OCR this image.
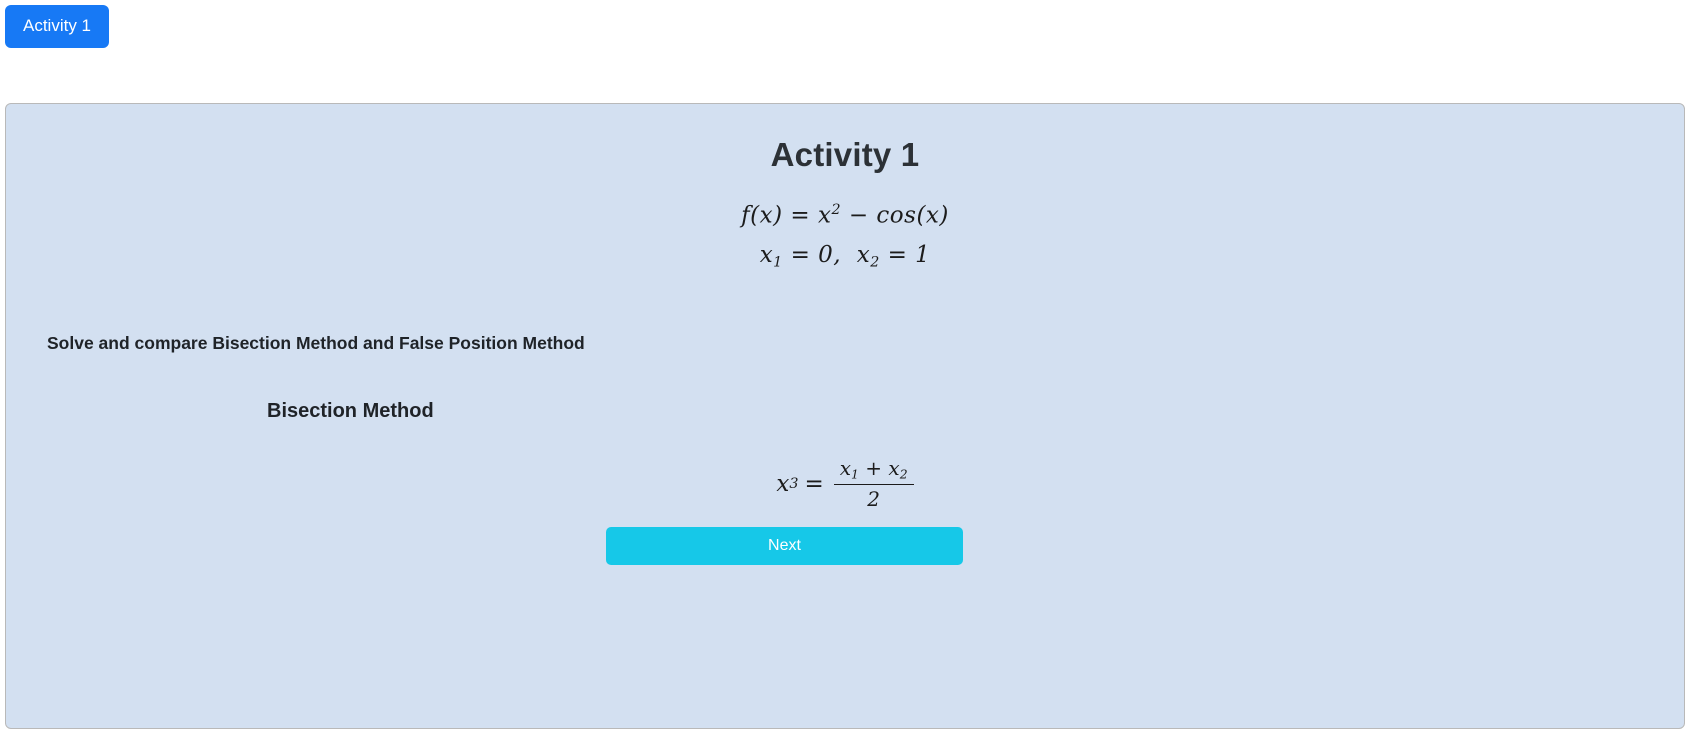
Activity 1
Activity 1
$f(x) = x^2 - \cos(x)$
$x_1 = 0$, $x_2 = 1$
Solve and compare Bisection Method and False Position Method
Bisection Method
x $3 = \frac{x_1 + x_2}{2}$
Next
